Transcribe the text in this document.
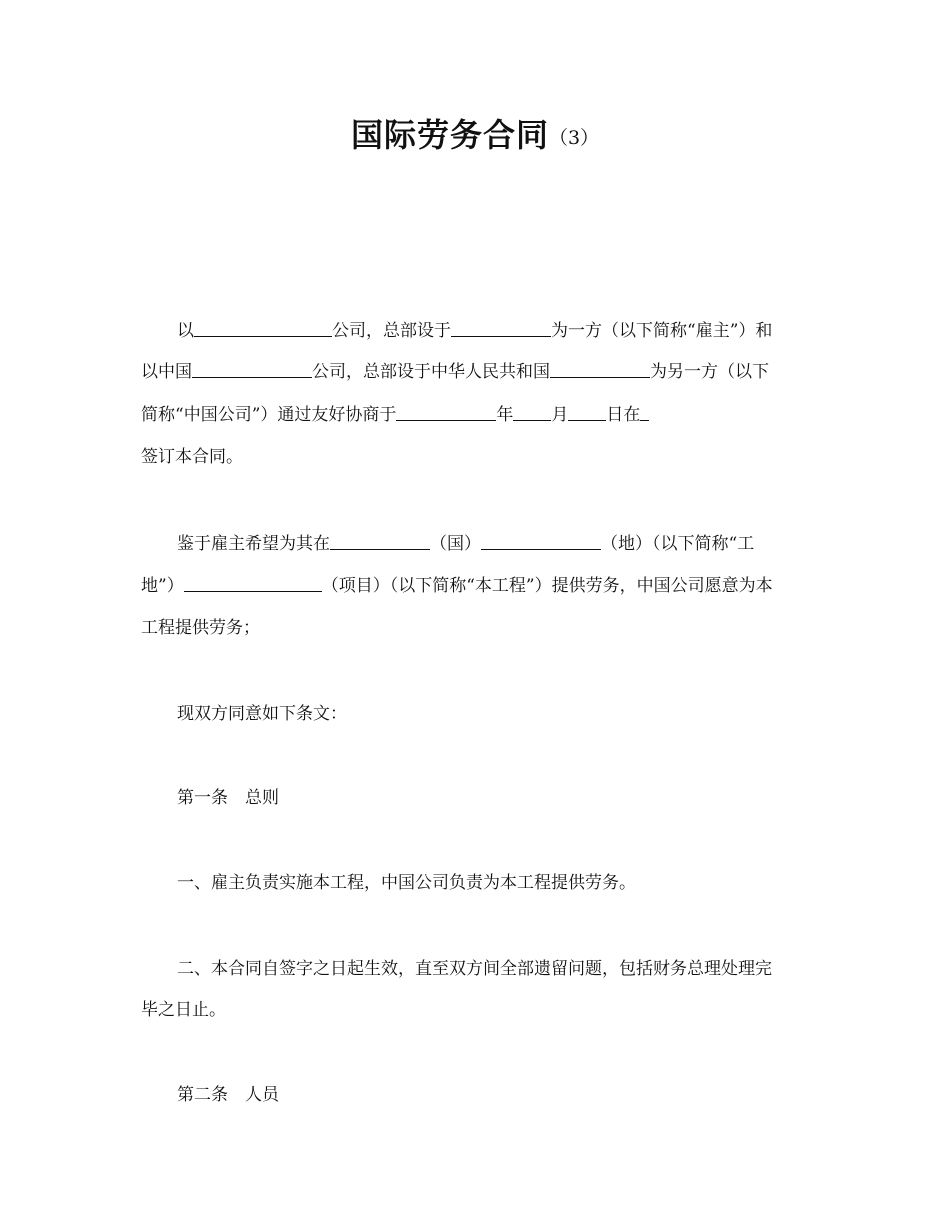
国际劳务合同（3）
以	公司，总部设于	为一方（以下简称“雇主”）和
以中国	公司，总部设于中华人民共和国	为另一方（以下
简称“中国公司”）通过友好协商于	年 月 日在
签订本合同。
鉴于雇主希望为其在	（国）	（地）（以下简称“工
地”）	（项目）（以下简称“本工程”）提供劳务，中国公司愿意为本
工程提供劳务；
现双方同意如下条文：
第一条　总则
一、雇主负责实施本工程，中国公司负责为本工程提供劳务。
二、本合同自签字之日起生效，直至双方间全部遗留问题，包括财务总理处理完
毕之日止。
第二条　人员
